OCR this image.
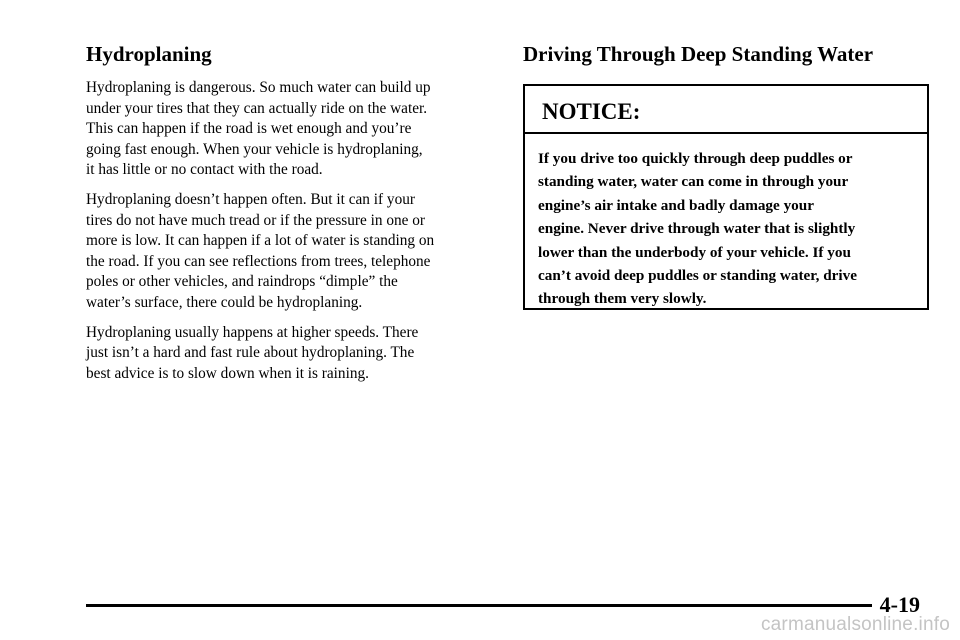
Hydroplaning

Hydroplaning is dangerous. So much water can build up
under your tires that they can actually ride on the water.
This can happen if the road is wet enough and you’re
going fast enough. When your vehicle is hydroplaning,
it has little or no contact with the road.

Hydroplaning doesn’t happen often. But it can if your
tires do not have much tread or if the pressure in one or
more is low. It can happen if a lot of water is standing on
the road. If you can see reflections from trees, telephone
poles or other vehicles, and raindrops “dimple” the
water’s surface, there could be hydroplaning.

Hydroplaning usually happens at higher speeds. There
just isn’t a hard and fast rule about hydroplaning. The
best advice is to slow down when it is raining.

Driving Through Deep Standing Water
NOTICE:
If you drive too quickly through deep puddles or
standing water, water can come in through your
engine’s air intake and badly damage your
engine. Never drive through water that is slightly
lower than the underbody of your vehicle. If you
can’t avoid deep puddles or standing water, drive
through them very slowly.
4-19
carmanualsonline.info
